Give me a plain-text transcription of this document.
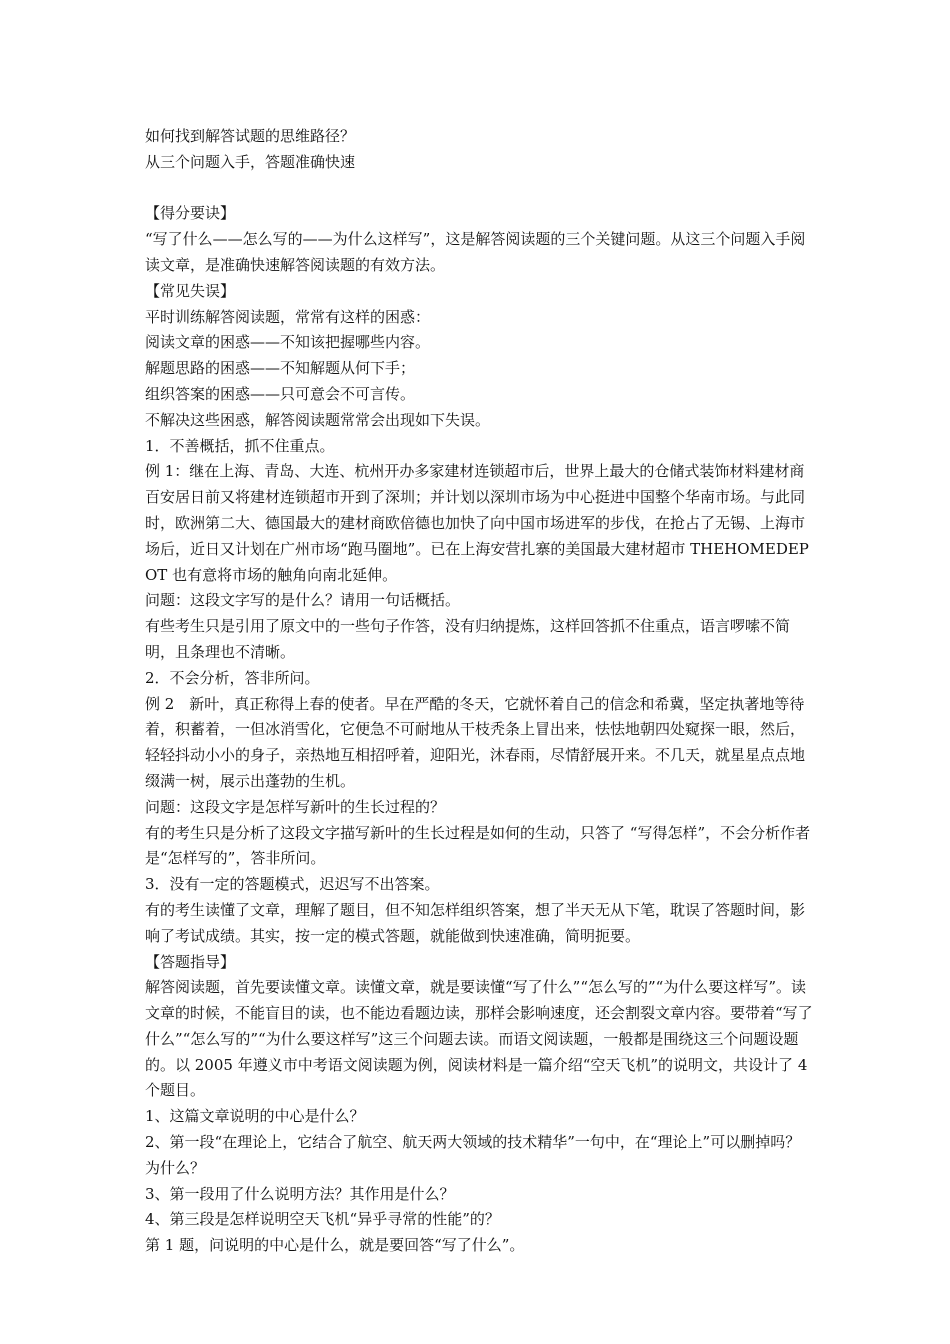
如何找到解答试题的思维路径？
从三个问题入手，答题准确快速
【得分要诀】
“写了什么——怎么写的——为什么这样写”，这是解答阅读题的三个关键问题。从这三个问题入手阅读文章，是准确快速解答阅读题的有效方法。
【常见失误】
平时训练解答阅读题，常常有这样的困惑：
阅读文章的困惑——不知该把握哪些内容。
解题思路的困惑——不知解题从何下手；
组织答案的困惑——只可意会不可言传。
不解决这些困惑，解答阅读题常常会出现如下失误。
1．不善概括，抓不住重点。
例 1：继在上海、青岛、大连、杭州开办多家建材连锁超市后，世界上最大的仓储式装饰材料建材商百安居日前又将建材连锁超市开到了深圳；并计划以深圳市场为中心挺进中国整个华南市场。与此同时，欧洲第二大、德国最大的建材商欧倍德也加快了向中国市场进军的步伐，在抢占了无锡、上海市场后，近日又计划在广州市场“跑马圈地”。已在上海安营扎寨的美国最大建材超市 THEHOMEDEPOT 也有意将市场的触角向南北延伸。
问题：这段文字写的是什么？请用一句话概括。
有些考生只是引用了原文中的一些句子作答，没有归纳提炼，这样回答抓不住重点，语言啰嗦不简明，且条理也不清晰。
2．不会分析，答非所问。
例 2　新叶，真正称得上春的使者。早在严酷的冬天，它就怀着自己的信念和希冀，坚定执著地等待着，积蓄着，一但冰消雪化，它便急不可耐地从干枝秃条上冒出来，怯怯地朝四处窥探一眼，然后，轻轻抖动小小的身子，亲热地互相招呼着，迎阳光，沐春雨，尽情舒展开来。不几天，就星星点点地缀满一树，展示出蓬勃的生机。
问题：这段文字是怎样写新叶的生长过程的？
有的考生只是分析了这段文字描写新叶的生长过程是如何的生动，只答了 “写得怎样”，不会分析作者是“怎样写的”，答非所问。
3．没有一定的答题模式，迟迟写不出答案。
有的考生读懂了文章，理解了题目，但不知怎样组织答案，想了半天无从下笔，耽误了答题时间，影响了考试成绩。其实，按一定的模式答题，就能做到快速准确，简明扼要。
【答题指导】
解答阅读题，首先要读懂文章。读懂文章，就是要读懂“写了什么”“怎么写的”“为什么要这样写”。读文章的时候，不能盲目的读，也不能边看题边读，那样会影响速度，还会割裂文章内容。要带着“写了什么”“怎么写的”“为什么要这样写”这三个问题去读。而语文阅读题，一般都是围绕这三个问题设题的。以 2005 年遵义市中考语文阅读题为例，阅读材料是一篇介绍“空天飞机”的说明文，共设计了 4 个题目。
1、这篇文章说明的中心是什么？
2、第一段“在理论上，它结合了航空、航天两大领域的技术精华”一句中，在“理论上”可以删掉吗？为什么？
3、第一段用了什么说明方法？其作用是什么？
4、第三段是怎样说明空天飞机“异乎寻常的性能”的？
第 1 题，问说明的中心是什么，就是要回答“写了什么”。
